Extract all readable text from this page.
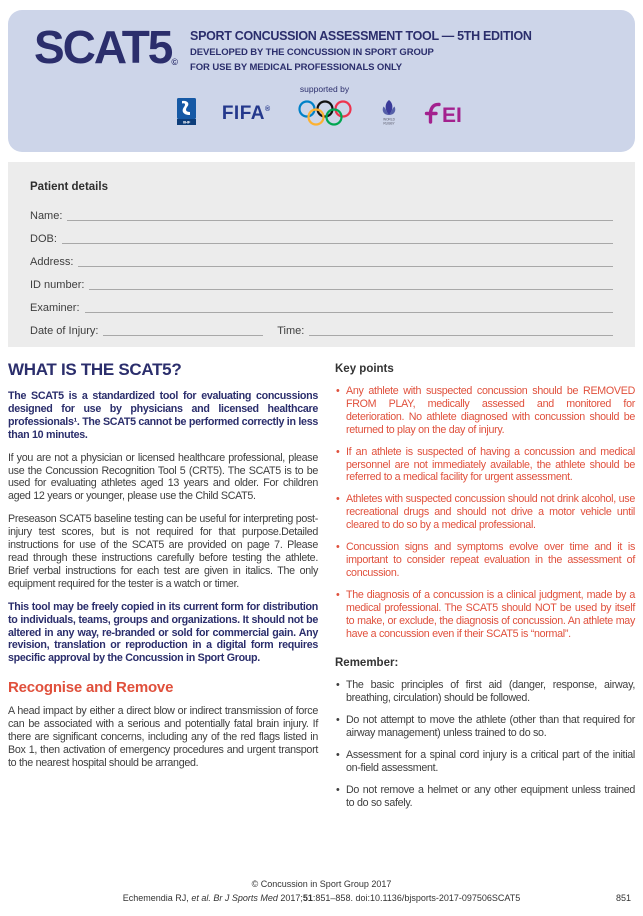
SCAT5©
SPORT CONCUSSION ASSESSMENT TOOL — 5TH EDITION
DEVELOPED BY THE CONCUSSION IN SPORT GROUP
FOR USE BY MEDICAL PROFESSIONALS ONLY
supported by
IIHF FIFA®
WORLD
RUGBY EI
Patient details
Name:
DOB:
Address:
ID number:
Examiner:
Date of Injury:	Time:
WHAT IS THE SCAT5?

The SCAT5 is a standardized tool for evaluating concussions designed for use by physicians and licensed healthcare professionals¹. The SCAT5 cannot be performed correctly in less than 10 minutes.

If you are not a physician or licensed healthcare professional, please use the Concussion Recognition Tool 5 (CRT5). The SCAT5 is to be used for evaluating athletes aged 13 years and older. For children aged 12 years or younger, please use the Child SCAT5.

Preseason SCAT5 baseline testing can be useful for interpreting post-injury test scores, but is not required for that purpose.Detailed instructions for use of the SCAT5 are provided on page 7. Please read through these instructions carefully before testing the athlete. Brief verbal instructions for each test are given in italics. The only equipment required for the tester is a watch or timer.

This tool may be freely copied in its current form for distribution to individuals, teams, groups and organizations. It should not be altered in any way, re-branded or sold for commercial gain. Any revision, translation or reproduction in a digital form requires specific approval by the Concussion in Sport Group.

Recognise and Remove

A head impact by either a direct blow or indirect transmission of force can be associated with a serious and potentially fatal brain injury. If there are significant concerns, including any of the red flags listed in Box 1, then activation of emergency procedures and urgent transport to the nearest hospital should be arranged.

Key points
• Any athlete with suspected concussion should be REMOVED FROM PLAY, medically assessed and monitored for deterioration. No athlete diagnosed with concussion should be returned to play on the day of injury.
• If an athlete is suspected of having a concussion and medical personnel are not immediately available, the athlete should be referred to a medical facility for urgent assessment.
• Athletes with suspected concussion should not drink alcohol, use recreational drugs and should not drive a motor vehicle until cleared to do so by a medical professional.
• Concussion signs and symptoms evolve over time and it is important to consider repeat evaluation in the assessment of concussion.
• The diagnosis of a concussion is a clinical judgment, made by a medical professional. The SCAT5 should NOT be used by itself to make, or exclude, the diagnosis of concussion. An athlete may have a concussion even if their SCAT5 is “normal”.
Remember:
• The basic principles of first aid (danger, response, airway, breathing, circulation) should be followed.
• Do not attempt to move the athlete (other than that required for airway management) unless trained to do so.
• Assessment for a spinal cord injury is a critical part of the initial on-field assessment.
• Do not remove a helmet or any other equipment unless trained to do so safely.
© Concussion in Sport Group 2017
Echemendia RJ, et al. Br J Sports Med 2017;51:851–858. doi:10.1136/bjsports-2017-097506SCAT5	851
